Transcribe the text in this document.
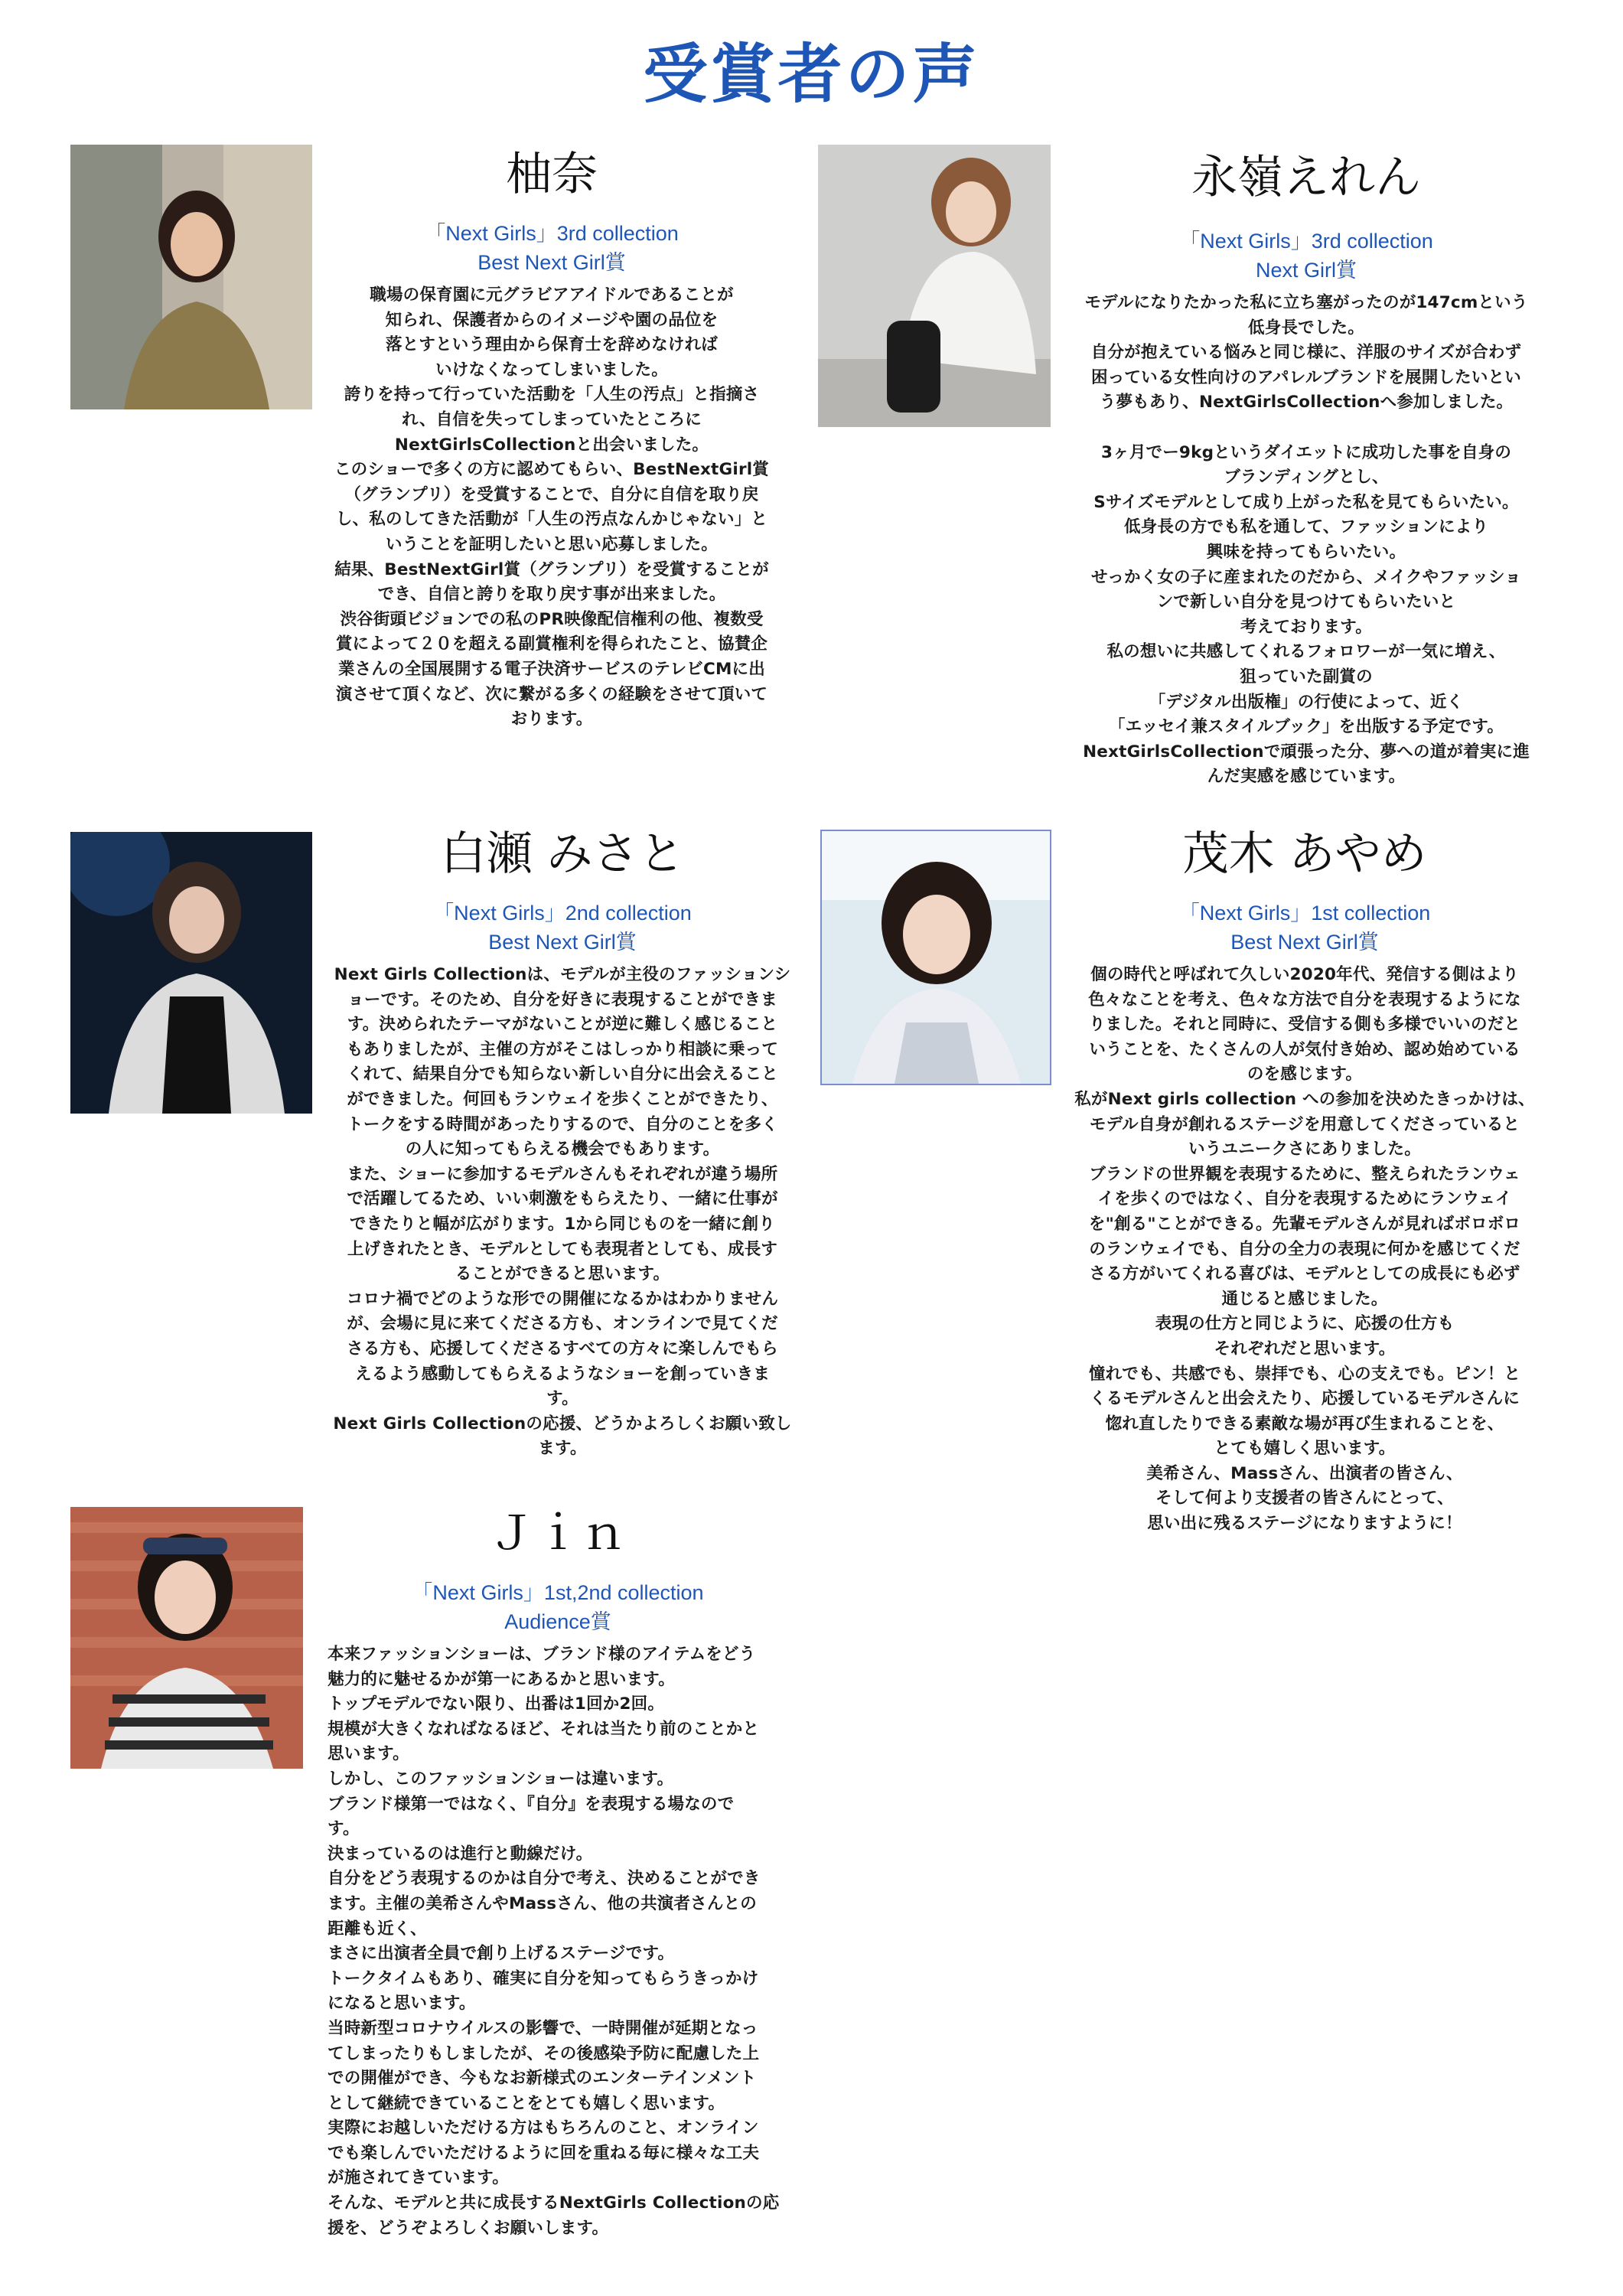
受賞者の声
柚奈
「Next Girls」3rd collection
Best Next Girl賞
職場の保育園に元グラビアアイドルであることが
知られ、保護者からのイメージや園の品位を
落とすという理由から保育士を辞めなければ
いけなくなってしまいました。
誇りを持って行っていた活動を「人生の汚点」と指摘さ
れ、自信を失ってしまっていたところに
NextGirlsCollectionと出会いました。
このショーで多くの方に認めてもらい、BestNextGirl賞
（グランプリ）を受賞することで、自分に自信を取り戻
し、私のしてきた活動が「人生の汚点なんかじゃない」と
いうことを証明したいと思い応募しました。
結果、BestNextGirl賞（グランプリ）を受賞することが
でき、自信と誇りを取り戻す事が出来ました。
渋谷街頭ビジョンでの私のPR映像配信権利の他、複数受
賞によって２０を超える副賞権利を得られたこと、協賛企
業さんの全国展開する電子決済サービスのテレビCMに出
演させて頂くなど、次に繋がる多くの経験をさせて頂いて
おります。
永嶺えれん
「Next Girls」3rd collection
Next Girl賞
モデルになりたかった私に立ち塞がったのが147cmという
低身長でした。
自分が抱えている悩みと同じ様に、洋服のサイズが合わず
困っている女性向けのアパレルブランドを展開したいとい
う夢もあり、NextGirlsCollectionへ参加しました。

3ヶ月でー9kgというダイエットに成功した事を自身の
ブランディングとし、
Sサイズモデルとして成り上がった私を見てもらいたい。
低身長の方でも私を通して、ファッションにより
興味を持ってもらいたい。
せっかく女の子に産まれたのだから、メイクやファッショ
ンで新しい自分を見つけてもらいたいと
考えております。
私の想いに共感してくれるフォロワーが一気に増え、
狙っていた副賞の
「デジタル出版権」の行使によって、近く
「エッセイ兼スタイルブック」を出版する予定です。
NextGirlsCollectionで頑張った分、夢への道が着実に進
んだ実感を感じています。
白瀬 みさと
「Next Girls」2nd collection
Best Next Girl賞
Next Girls Collectionは、モデルが主役のファッションシ
ョーです。そのため、自分を好きに表現することができま
す。決められたテーマがないことが逆に難しく感じること
もありましたが、主催の方がそこはしっかり相談に乗って
くれて、結果自分でも知らない新しい自分に出会えること
ができました。何回もランウェイを歩くことができたり、
トークをする時間があったりするので、自分のことを多く
の人に知ってもらえる機会でもあります。
また、ショーに参加するモデルさんもそれぞれが違う場所
で活躍してるため、いい刺激をもらえたり、一緒に仕事が
できたりと幅が広がります。1から同じものを一緒に創り
上げきれたとき、モデルとしても表現者としても、成長す
ることができると思います。
コロナ禍でどのような形での開催になるかはわかりません
が、会場に見に来てくださる方も、オンラインで見てくだ
さる方も、応援してくださるすべての方々に楽しんでもら
えるよう感動してもらえるようなショーを創っていきま
す。
Next Girls Collectionの応援、どうかよろしくお願い致し
ます。
茂木 あやめ
「Next Girls」1st collection
Best Next Girl賞
個の時代と呼ばれて久しい2020年代、発信する側はより
色々なことを考え、色々な方法で自分を表現するようにな
りました。それと同時に、受信する側も多様でいいのだと
いうことを、たくさんの人が気付き始め、認め始めている
のを感じます。
私がNext girls collection への参加を決めたきっかけは、
モデル自身が創れるステージを用意してくださっていると
いうユニークさにありました。
ブランドの世界観を表現するために、整えられたランウェ
イを歩くのではなく、自分を表現するためにランウェイ
を"創る"ことができる。先輩モデルさんが見ればボロボロ
のランウェイでも、自分の全力の表現に何かを感じてくだ
さる方がいてくれる喜びは、モデルとしての成長にも必ず
通じると感じました。
表現の仕方と同じように、応援の仕方も
それぞれだと思います。
憧れでも、共感でも、崇拝でも、心の支えでも。ピン！と
くるモデルさんと出会えたり、応援しているモデルさんに
惚れ直したりできる素敵な場が再び生まれることを、
とても嬉しく思います。
美希さん、Massさん、出演者の皆さん、
そして何より支援者の皆さんにとって、
思い出に残るステージになりますように！
Ｊｉｎ
「Next Girls」1st,2nd collection
Audience賞
本来ファッションショーは、ブランド様のアイテムをどう
魅力的に魅せるかが第一にあるかと思います。
トップモデルでない限り、出番は1回か2回。
規模が大きくなればなるほど、それは当たり前のことかと
思います。
しかし、このファッションショーは違います。
ブランド様第一ではなく、『自分』を表現する場なので
す。
決まっているのは進行と動線だけ。
自分をどう表現するのかは自分で考え、決めることができ
ます。主催の美希さんやMassさん、他の共演者さんとの
距離も近く、
まさに出演者全員で創り上げるステージです。
トークタイムもあり、確実に自分を知ってもらうきっかけ
になると思います。
当時新型コロナウイルスの影響で、一時開催が延期となっ
てしまったりもしましたが、その後感染予防に配慮した上
での開催ができ、今もなお新様式のエンターテインメント
として継続できていることをとても嬉しく思います。
実際にお越しいただける方はもちろんのこと、オンライン
でも楽しんでいただけるように回を重ねる毎に様々な工夫
が施されてきています。
そんな、モデルと共に成長するNextGirls Collectionの応
援を、どうぞよろしくお願いします。
